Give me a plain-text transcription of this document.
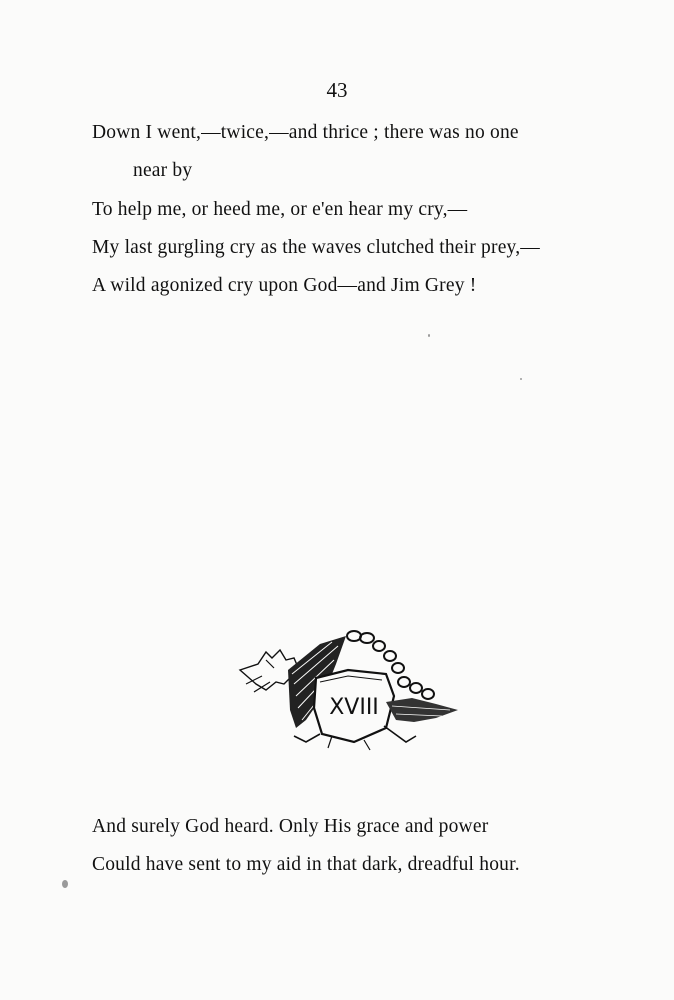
43
Down I went,—twice,—and thrice ; there was no one
near by
To help me, or heed me, or e'en hear my cry,—
My last gurgling cry as the waves clutched their prey,—
A wild agonized cry upon God—and Jim Grey !
XVIII
And surely God heard. Only His grace and power
Could have sent to my aid in that dark, dreadful hour.
